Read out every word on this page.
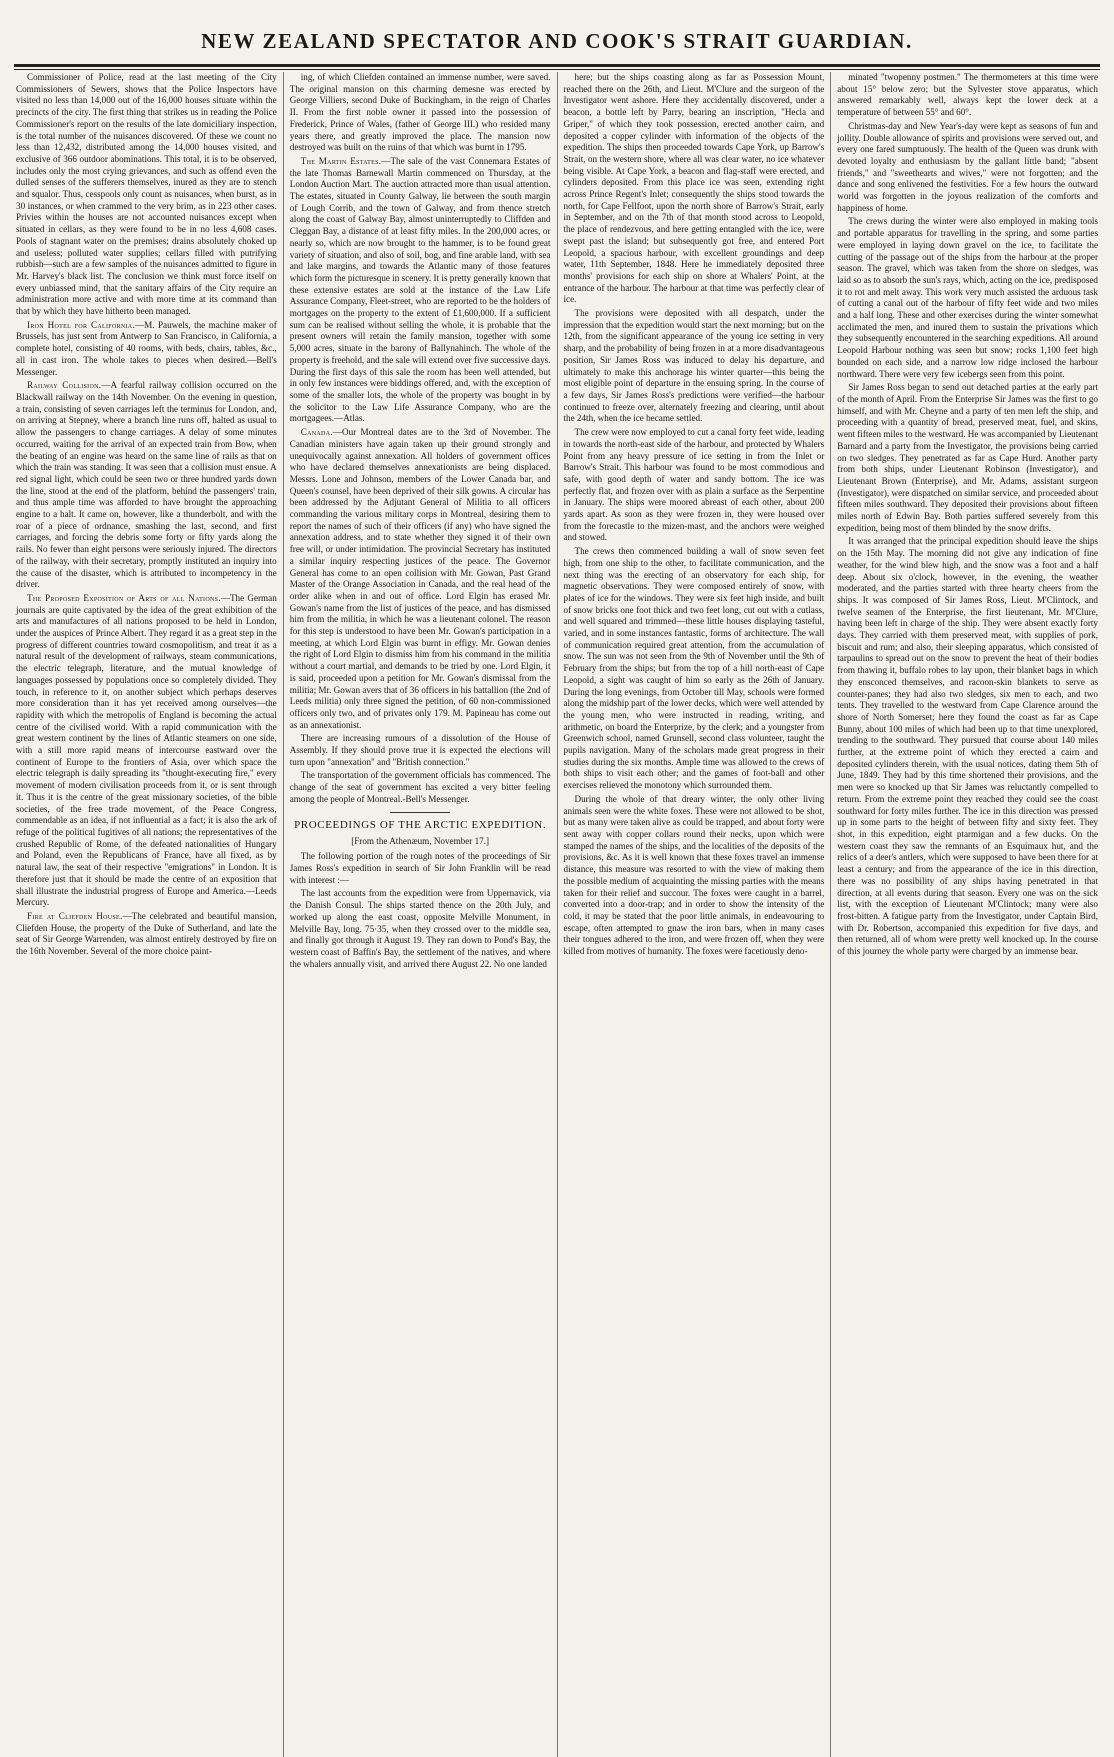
NEW ZEALAND SPECTATOR AND COOK'S STRAIT GUARDIAN.

Commissioner of Police, read at the last meeting of the City Commissioners of Sewers, shows that the Police Inspectors have visited no less than 14,000 out of the 16,000 houses situate within the precincts of the city. The first thing that strikes us in reading the Police Commissioner's report on the results of the late domiciliary inspection, is the total number of the nuisances discovered. Of these we count no less than 12,432, distributed among the 14,000 houses visited, and exclusive of 366 outdoor abominations. This total, it is to be observed, includes only the most crying grievances, and such as offend even the dulled senses of the sufferers themselves, inured as they are to stench and squalor. Thus, cesspools only count as nuisances, when burst, as in 30 instances, or when crammed to the very brim, as in 223 other cases. Privies within the houses are not accounted nuisances except when situated in cellars, as they were found to be in no less 4,608 cases. Pools of stagnant water on the premises; drains absolutely choked up and useless; polluted water supplies; cellars filled with putrifying rubbish—such are a few samples of the nuisances admitted to figure in Mr. Harvey's black list. The conclusion we think must force itself on every unbiassed mind, that the sanitary affairs of the City require an administration more active and with more time at its command than that by which they have hitherto been managed.

Iron Hotel for California.—M. Pauwels, the machine maker of Brussels, has just sent from Antwerp to San Francisco, in California, a complete hotel, consisting of 40 rooms, with beds, chairs, tables, &c., all in cast iron. The whole takes to pieces when desired.—Bell's Messenger.

Railway Collision.—A fearful railway collision occurred on the Blackwall railway on the 14th November. On the evening in question, a train, consisting of seven carriages left the terminus for London, and, on arriving at Stepney, where a branch line runs off, halted as usual to allow the passengers to change carriages. A delay of some minutes occurred, waiting for the arrival of an expected train from Bow, when the beating of an engine was heard on the same line of rails as that on which the train was standing. It was seen that a collision must ensue. A red signal light, which could be seen two or three hundred yards down the line, stood at the end of the platform, behind the passengers' train, and thus ample time was afforded to have brought the approaching engine to a halt. It came on, however, like a thunderbolt, and with the roar of a piece of ordnance, smashing the last, second, and first carriages, and forcing the debris some forty or fifty yards along the rails. No fewer than eight persons were seriously injured. The directors of the railway, with their secretary, promptly instituted an inquiry into the cause of the disaster, which is attributed to incompetency in the driver.

The Proposed Exposition of Arts of all Nations.—The German journals are quite captivated by the idea of the great exhibition of the arts and manufactures of all nations proposed to be held in London, under the auspices of Prince Albert. They regard it as a great step in the progress of different countries toward cosmopolitism, and treat it as a natural result of the development of railways, steam communications, the electric telegraph, literature, and the mutual knowledge of languages possessed by populations once so completely divided. They touch, in reference to it, on another subject which perhaps deserves more consideration than it has yet received among ourselves—the rapidity with which the metropolis of England is becoming the actual centre of the civilised world. With a rapid communication with the great western continent by the lines of Atlantic steamers on one side, with a still more rapid means of intercourse eastward over the continent of Europe to the frontiers of Asia, over which space the electric telegraph is daily spreading its "thought-executing fire," every movement of modern civilisation proceeds from it, or is sent through it. Thus it is the centre of the great missionary societies, of the bible societies, of the free trade movement, of the Peace Congress, commendable as an idea, if not influential as a fact; it is also the ark of refuge of the political fugitives of all nations; the representatives of the crushed Republic of Rome, of the defeated nationalities of Hungary and Poland, even the Republicans of France, have all fixed, as by natural law, the seat of their respective "emigrations" in London. It is therefore just that it should be made the centre of an exposition that shall illustrate the industrial progress of Europe and America.—Leeds Mercury.

Fire at Cliefden House.—The celebrated and beautiful mansion, Cliefden House, the property of the Duke of Sutherland, and late the seat of Sir George Warrenden, was almost entirely destroyed by fire on the 16th November. Several of the more choice paint-

ing, of which Cliefden contained an immense number, were saved. The original mansion on this charming demesne was erected by George Villiers, second Duke of Buckingham, in the reign of Charles II. From the first noble owner it passed into the possession of Frederick, Prince of Wales, (father of George III.) who resided many years there, and greatly improved the place. The mansion now destroyed was built on the ruins of that which was burnt in 1795.

The Martin Estates.—The sale of the vast Connemara Estates of the late Thomas Barnewall Martin commenced on Thursday, at the London Auction Mart. The auction attracted more than usual attention. The estates, situated in County Galway, lie between the south margin of Lough Corrib, and the town of Galway, and from thence stretch along the coast of Galway Bay, almost uninterruptedly to Cliffden and Cleggan Bay, a distance of at least fifty miles. In the 200,000 acres, or nearly so, which are now brought to the hammer, is to be found great variety of situation, and also of soil, bog, and fine arable land, with sea and lake margins, and towards the Atlantic many of those features which form the picturesque in scenery. It is pretty generally known that these extensive estates are sold at the instance of the Law Life Assurance Company, Fleet-street, who are reported to be the holders of mortgages on the property to the extent of £1,600,000. If a sufficient sum can be realised without selling the whole, it is probable that the present owners will retain the family mansion, together with some 5,000 acres, situate in the barony of Ballynahinch. The whole of the property is freehold, and the sale will extend over five successive days. During the first days of this sale the room has been well attended, but in only few instances were biddings offered, and, with the exception of some of the smaller lots, the whole of the property was bought in by the solicitor to the Law Life Assurance Company, who are the mortgagees.—Atlas.

Canada.—Our Montreal dates are to the 3rd of November. The Canadian ministers have again taken up their ground strongly and unequivocally against annexation. All holders of government offices who have declared themselves annexationists are being displaced. Messrs. Lone and Johnson, members of the Lower Canada bar, and Queen's counsel, have been deprived of their silk gowns. A circular has been addressed by the Adjutant General of Militia to all officers commanding the various military corps in Montreal, desiring them to report the names of such of their officers (if any) who have signed the annexation address, and to state whether they signed it of their own free will, or under intimidation. The provincial Secretary has instituted a similar inquiry respecting justices of the peace. The Governor General has come to an open collision with Mr. Gowan, Past Grand Master of the Orange Association in Canada, and the real head of the order alike when in and out of office. Lord Elgin has erased Mr. Gowan's name from the list of justices of the peace, and has dismissed him from the militia, in which he was a lieutenant colonel. The reason for this step is understood to have been Mr. Gowan's participation in a meeting, at which Lord Elgin was burnt in effigy. Mr. Gowan denies the right of Lord Elgin to dismiss him from his command in the militia without a court martial, and demands to be tried by one. Lord Elgin, it is said, proceeded upon a petition for Mr. Gowan's dismissal from the militia; Mr. Gowan avers that of 36 officers in his battallion (the 2nd of Leeds militia) only three signed the petition, of 60 non-commissioned officers only two, and of privates only 179. M. Papineau has come out as an annexationist.

There are increasing rumours of a dissolution of the House of Assembly. If they should prove true it is expected the elections will turn upon "annexation" and "British connection."

The transportation of the government officials has commenced. The change of the seat of government has excited a very bitter feeling among the people of Montreal.-Bell's Messenger.

PROCEEDINGS OF THE ARCTIC EXPEDITION.
[From the Athenæum, November 17.]

The following portion of the rough notes of the proceedings of Sir James Ross's expedition in search of Sir John Franklin will be read with interest :—

The last accounts from the expedition were from Uppernavick, via the Danish Consul. The ships started thence on the 20th July, and worked up along the east coast, opposite Melville Monument, in Melville Bay, long. 75·35, when they crossed over to the middle sea, and finally got through it August 19. They ran down to Pond's Bay, the western coast of Baffin's Bay, the settlement of the natives, and where the whalers annually visit, and arrived there August 22. No one landed

here; but the ships coasting along as far as Possession Mount, reached there on the 26th, and Lieut. M'Clure and the surgeon of the Investigator went ashore. Here they accidentally discovered, under a beacon, a bottle left by Parry, bearing an inscription, "Hecla and Griper," of which they took possession, erected another cairn, and deposited a copper cylinder with information of the objects of the expedition. The ships then proceeded towards Cape York, up Barrow's Strait, on the western shore, where all was clear water, no ice whatever being visible. At Cape York, a beacon and flag-staff were erected, and cylinders deposited. From this place ice was seen, extending right across Prince Regent's Inlet; consequently the ships stood towards the north, for Cape Fellfoot, upon the north shore of Barrow's Strait, early in September, and on the 7th of that month stood across to Leopold, the place of rendezvous, and here getting entangled with the ice, were swept past the island; but subsequently got free, and entered Port Leopold, a spacious harbour, with excellent groundings and deep water, 11th September, 1848. Here he immediately deposited three months' provisions for each ship on shore at Whalers' Point, at the entrance of the harbour. The harbour at that time was perfectly clear of ice.

The provisions were deposited with all despatch, under the impression that the expedition would start the next morning; but on the 12th, from the significant appearance of the young ice setting in very sharp, and the probability of being frozen in at a more disadvantageous position, Sir James Ross was induced to delay his departure, and ultimately to make this anchorage his winter quarter—this being the most eligible point of departure in the ensuing spring. In the course of a few days, Sir James Ross's predictions were verified—the harbour continued to freeze over, alternately freezing and clearing, until about the 24th, when the ice became settled.

The crew were now employed to cut a canal forty feet wide, leading in towards the north-east side of the harbour, and protected by Whalers Point from any heavy pressure of ice setting in from the Inlet or Barrow's Strait. This harbour was found to be most commodious and safe, with good depth of water and sandy bottom. The ice was perfectly flat, and frozen over with as plain a surface as the Serpentine in January. The ships were moored abreast of each other, about 200 yards apart. As soon as they were frozen in, they were housed over from the forecastle to the mizen-mast, and the anchors were weighed and stowed.

The crews then commenced building a wall of snow seven feet high, from one ship to the other, to facilitate communication, and the next thing was the erecting of an observatory for each ship, for magnetic observations. They were composed entirely of snow, with plates of ice for the windows. They were six feet high inside, and built of snow bricks one foot thick and two feet long, cut out with a cutlass, and well squared and trimmed—these little houses displaying tasteful, varied, and in some instances fantastic, forms of architecture. The wall of communication required great attention, from the accumulation of snow. The sun was not seen from the 9th of November until the 9th of February from the ships; but from the top of a hill north-east of Cape Leopold, a sight was caught of him so early as the 26th of January. During the long evenings, from October till May, schools were formed along the midship part of the lower decks, which were well attended by the young men, who were instructed in reading, writing, and arithmetic, on board the Enterprize, by the clerk; and a youngster from Greenwich school, named Grunsell, second class volunteer, taught the pupils navigation. Many of the scholars made great progress in their studies during the six months. Ample time was allowed to the crews of both ships to visit each other; and the games of foot-ball and other exercises relieved the monotony which surrounded them.

During the whole of that dreary winter, the only other living animals seen were the white foxes. These were not allowed to be shot, but as many were taken alive as could be trapped, and about forty were sent away with copper collars round their necks, upon which were stamped the names of the ships, and the localities of the deposits of the provisions, &c. As it is well known that these foxes travel an immense distance, this measure was resorted to with the view of making them the possible medium of acquainting the missing parties with the means taken for their relief and succour. The foxes were caught in a barrel, converted into a door-trap; and in order to show the intensity of the cold, it may be stated that the poor little animals, in endeavouring to escape, often attempted to gnaw the iron bars, when in many cases their tongues adhered to the iron, and were frozen off, when they were killed from motives of humanity. The foxes were facetiously deno-

minated "twopenny postmen." The thermometers at this time were about 15° below zero; but the Sylvester stove apparatus, which answered remarkably well, always kept the lower deck at a temperature of between 55° and 60°.

Christmas-day and New Year's-day were kept as seasons of fun and jollity. Double allowance of spirits and provisions were served out, and every one fared sumptuously. The health of the Queen was drunk with devoted loyalty and enthusiasm by the gallant little band; "absent friends," and "sweethearts and wives," were not forgotten; and the dance and song enlivened the festivities. For a few hours the outward world was forgotten in the joyous realization of the comforts and happiness of home.

The crews during the winter were also employed in making tools and portable apparatus for travelling in the spring, and some parties were employed in laying down gravel on the ice, to facilitate the cutting of the passage out of the ships from the harbour at the proper season. The gravel, which was taken from the shore on sledges, was laid so as to absorb the sun's rays, which, acting on the ice, predisposed it to rot and melt away. This work very much assisted the arduous task of cutting a canal out of the harbour of fifty feet wide and two miles and a half long. These and other exercises during the winter somewhat acclimated the men, and inured them to sustain the privations which they subsequently encountered in the searching expeditions. All around Leopold Harbour nothing was seen but snow; rocks 1,100 feet high bounded on each side, and a narrow low ridge inclosed the harbour northward. There were very few icebergs seen from this point.

Sir James Ross began to send out detached parties at the early part of the month of April. From the Enterprise Sir James was the first to go himself, and with Mr. Cheyne and a party of ten men left the ship, and proceeding with a quantity of bread, preserved meat, fuel, and skins, went fifteen miles to the westward. He was accompanied by Lieutenant Barnard and a party from the Investigator, the provisions being carried on two sledges. They penetrated as far as Cape Hurd. Another party from both ships, under Lieutenant Robinson (Investigator), and Lieutenant Brown (Enterprise), and Mr. Adams, assistant surgeon (Investigator), were dispatched on similar service, and proceeded about fifteen miles southward. They deposited their provisions about fifteen miles north of Edwin Bay. Both parties suffered severely from this expedition, being most of them blinded by the snow drifts.

It was arranged that the principal expedition should leave the ships on the 15th May. The morning did not give any indication of fine weather, for the wind blew high, and the snow was a foot and a half deep. About six o'clock, however, in the evening, the weather moderated, and the parties started with three hearty cheers from the ships. It was composed of Sir James Ross, Lieut. M'Clintock, and twelve seamen of the Enterprise, the first lieutenant, Mr. M'Clure, having been left in charge of the ship. They were absent exactly forty days. They carried with them preserved meat, with supplies of pork, biscuit and rum; and also, their sleeping apparatus, which consisted of tarpaulins to spread out on the snow to prevent the heat of their bodies from thawing it, buffalo robes to lay upon, their blanket bags in which they ensconced themselves, and racoon-skin blankets to serve as counter-panes; they had also two sledges, six men to each, and two tents. They travelled to the westward from Cape Clarence around the shore of North Somerset; here they found the coast as far as Cape Bunny, about 100 miles of which had been up to that time unexplored, trending to the southward. They pursued that course about 140 miles further, at the extreme point of which they erected a cairn and deposited cylinders therein, with the usual notices, dating them 5th of June, 1849. They had by this time shortened their provisions, and the men were so knocked up that Sir James was reluctantly compelled to return. From the extreme point they reached they could see the coast southward for forty miles further. The ice in this direction was pressed up in some parts to the height of between fifty and sixty feet. They shot, in this expedition, eight ptarmigan and a few ducks. On the western coast they saw the remnants of an Esquimaux hut, and the relics of a deer's antlers, which were supposed to have been there for at least a century; and from the appearance of the ice in this direction, there was no possibility of any ships having penetrated in that direction, at all events during that season. Every one was on the sick list, with the exception of Lieutenant M'Clintock; many were also frost-bitten. A fatigue party from the Investigator, under Captain Bird, with Dr. Robertson, accompanied this expedition for five days, and then returned, all of whom were pretty well knocked up. In the course of this journey the whole party were charged by an immense bear.
